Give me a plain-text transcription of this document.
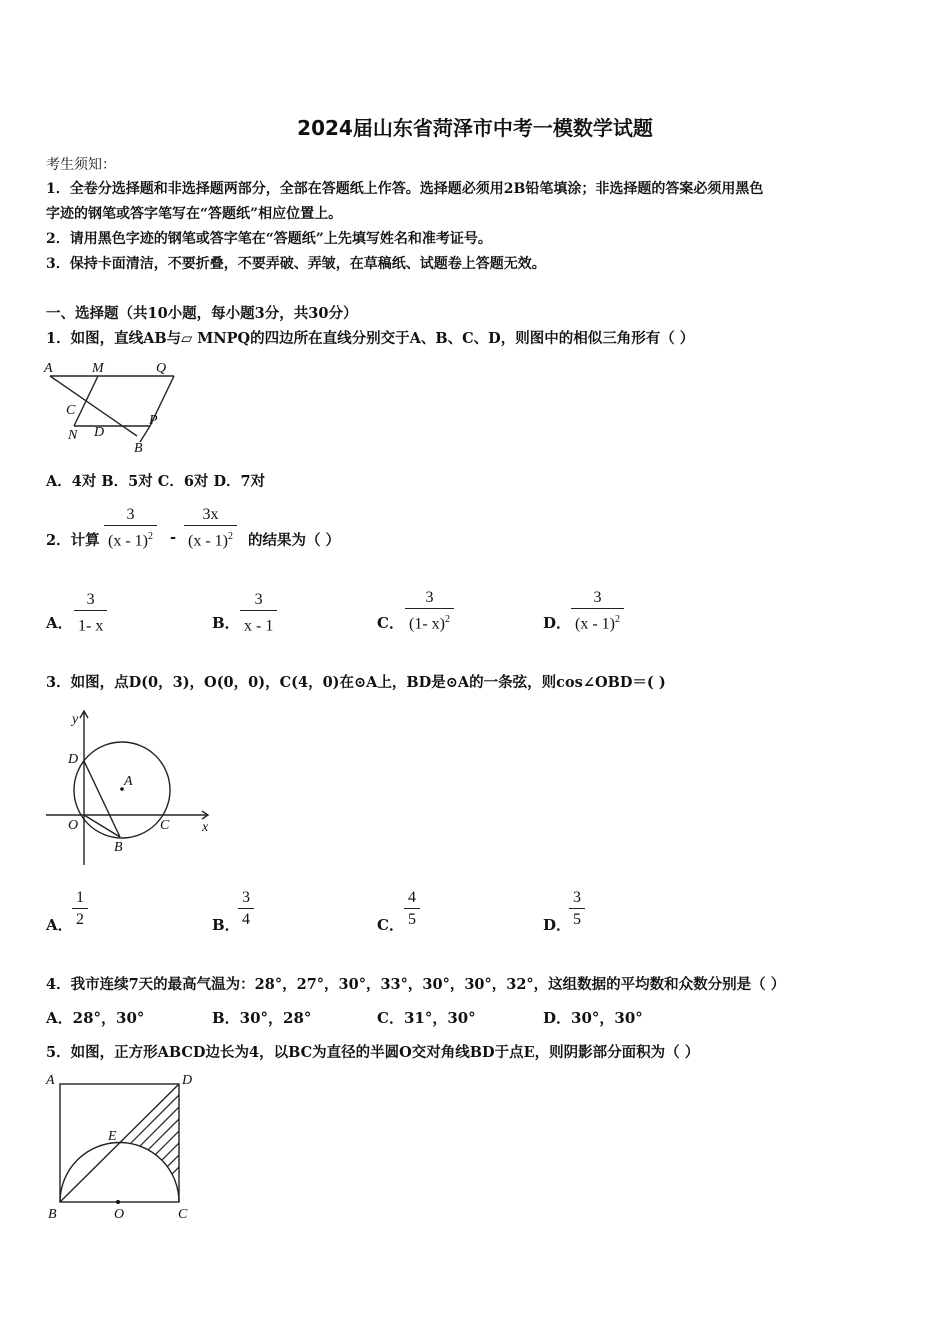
2024届山东省菏泽市中考一模数学试题
考生须知：
1．全卷分选择题和非选择题两部分，全部在答题纸上作答。选择题必须用2B铅笔填涂；非选择题的答案必须用黑色
字迹的钢笔或答字笔写在“答题纸”相应位置上。
2．请用黑色字迹的钢笔或答字笔在“答题纸”上先填写姓名和准考证号。
3．保持卡面清洁，不要折叠，不要弄破、弄皱，在草稿纸、试题卷上答题无效。
一、选择题（共10小题，每小题3分，共30分）
1．如图，直线AB与▱ MNPQ的四边所在直线分别交于A、B、C、D，则图中的相似三角形有（ ）
A	M	Q
C
P
N D
B
A．4对 B．5对 C．6对 D．7对
2．计算 $\frac{3}{(x - 1)^2} - \frac{3x}{(x - 1)^2}$ 的结果为（ ）
A． $\frac{3}{1- x}$	B． $\frac{3}{x - 1}$	C． $\frac{3}{(1- x)^2}$	D． $\frac{3}{(x - 1)^2}$
3．如图，点D(0，3)，O(0，0)，C(4，0)在⊙A上，BD是⊙A的一条弦，则cos∠OBD＝( )
y
D
A
O	C x
B
A． $\frac{1}{2}$	B．
$\frac{3}{4}$	C． $\frac{4}{5}$	D．
$\frac{3}{5}$
4．我市连续7天的最高气温为：28°，27°，30°，33°，30°，30°，32°，这组数据的平均数和众数分别是（ ）
A．28°，30°	B．30°，28°	C．31°，30°	D．30°，30°
5．如图，正方形ABCD边长为4，以BC为直径的半圆O交对角线BD于点E，则阴影部分面积为（ ）
A	D
E
B	O	C
